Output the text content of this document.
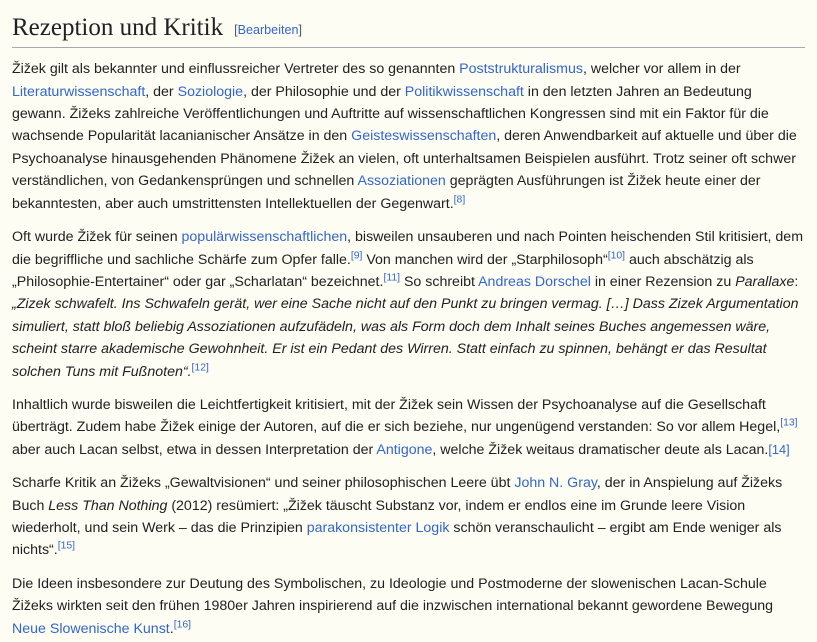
Rezeption und Kritik [Bearbeiten]

Žižek gilt als bekannter und einflussreicher Vertreter des so genannten Poststrukturalismus, welcher vor allem in der Literaturwissenschaft, der Soziologie, der Philosophie und der Politikwissenschaft in den letzten Jahren an Bedeutung gewann. Žižeks zahlreiche Veröffentlichungen und Auftritte auf wissenschaftlichen Kongressen sind mit ein Faktor für die wachsende Popularität lacanianischer Ansätze in den Geisteswissenschaften, deren Anwendbarkeit auf aktuelle und über die Psychoanalyse hinausgehenden Phänomene Žižek an vielen, oft unterhaltsamen Beispielen ausführt. Trotz seiner oft schwer verständlichen, von Gedankensprüngen und schnellen Assoziationen geprägten Ausführungen ist Žižek heute einer der bekanntesten, aber auch umstrittensten Intellektuellen der Gegenwart.[8]

Oft wurde Žižek für seinen populärwissenschaftlichen, bisweilen unsauberen und nach Pointen heischenden Stil kritisiert, dem die begriffliche und sachliche Schärfe zum Opfer falle.[9] Von manchen wird der „Starphilosoph“[10] auch abschätzig als „Philosophie-Entertainer“ oder gar „Scharlatan“ bezeichnet.[11] So schreibt Andreas Dorschel in einer Rezension zu Parallaxe: „Zizek schwafelt. Ins Schwafeln gerät, wer eine Sache nicht auf den Punkt zu bringen vermag. […] Dass Zizek Argumentation simuliert, statt bloß beliebig Assoziationen aufzufädeln, was als Form doch dem Inhalt seines Buches angemessen wäre, scheint starre akademische Gewohnheit. Er ist ein Pedant des Wirren. Statt einfach zu spinnen, behängt er das Resultat solchen Tuns mit Fußnoten“.[12]

Inhaltlich wurde bisweilen die Leichtfertigkeit kritisiert, mit der Žižek sein Wissen der Psychoanalyse auf die Gesellschaft überträgt. Zudem habe Žižek einige der Autoren, auf die er sich beziehe, nur ungenügend verstanden: So vor allem Hegel,[13] aber auch Lacan selbst, etwa in dessen Interpretation der Antigone, welche Žižek weitaus dramatischer deute als Lacan.[14]

Scharfe Kritik an Žižeks „Gewaltvisionen“ und seiner philosophischen Leere übt John N. Gray, der in Anspielung auf Žižeks Buch Less Than Nothing (2012) resümiert: „Žižek täuscht Substanz vor, indem er endlos eine im Grunde leere Vision wiederholt, und sein Werk – das die Prinzipien parakonsistenter Logik schön veranschaulicht – ergibt am Ende weniger als nichts“.[15]

Die Ideen insbesondere zur Deutung des Symbolischen, zu Ideologie und Postmoderne der slowenischen Lacan-Schule Žižeks wirkten seit den frühen 1980er Jahren inspirierend auf die inzwischen international bekannt gewordene Bewegung Neue Slowenische Kunst.[16]
